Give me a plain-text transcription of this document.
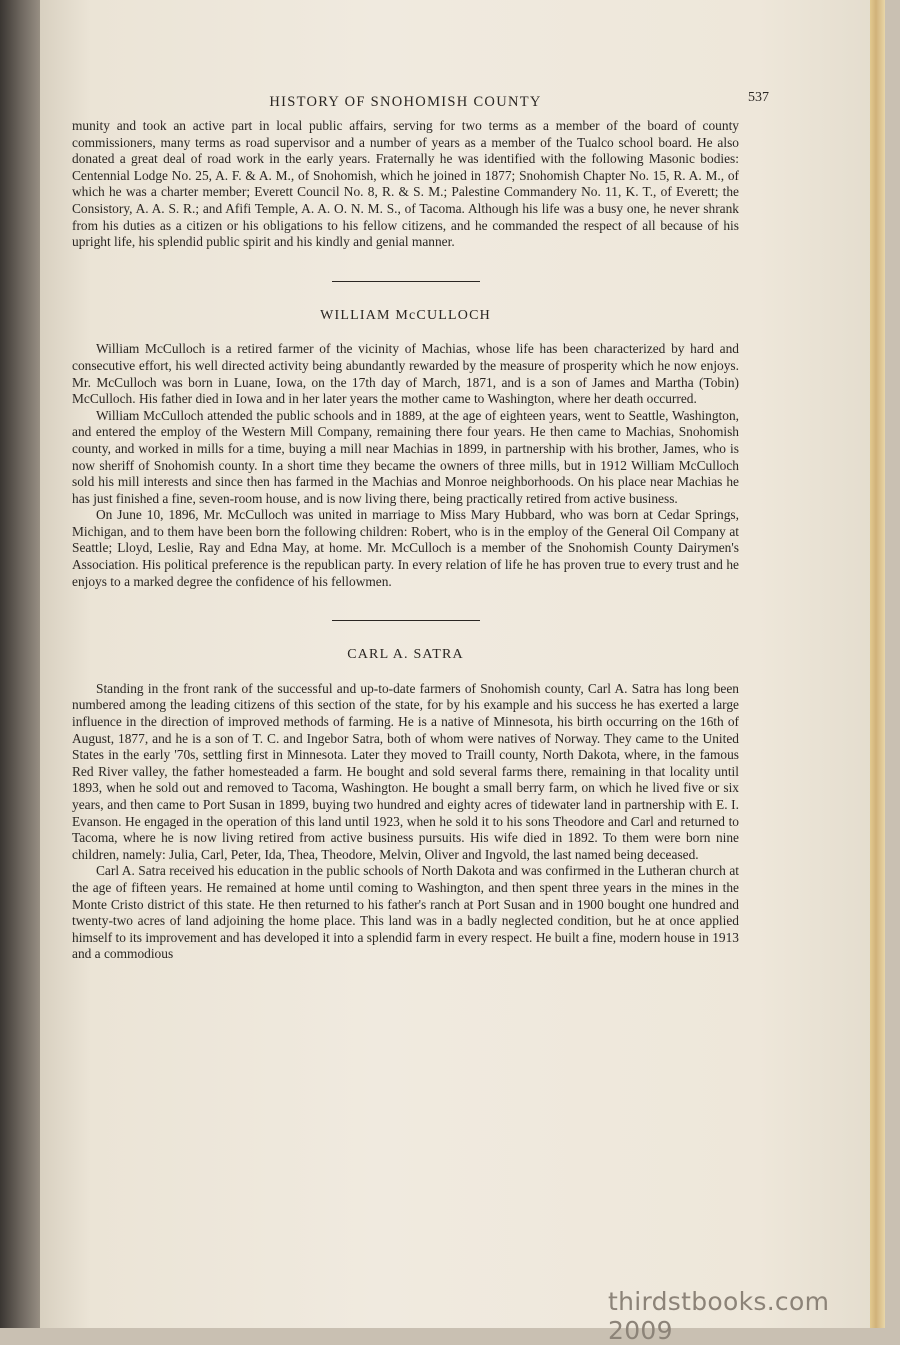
HISTORY OF SNOHOMISH COUNTY	537

munity and took an active part in local public affairs, serving for two terms as a member of the board of county commissioners, many terms as road supervisor and a number of years as a member of the Tualco school board. He also donated a great deal of road work in the early years. Fraternally he was identified with the following Masonic bodies: Centennial Lodge No. 25, A. F. & A. M., of Snohomish, which he joined in 1877; Snohomish Chapter No. 15, R. A. M., of which he was a charter member; Everett Council No. 8, R. & S. M.; Palestine Commandery No. 11, K. T., of Everett; the Consistory, A. A. S. R.; and Afifi Temple, A. A. O. N. M. S., of Tacoma. Although his life was a busy one, he never shrank from his duties as a citizen or his obligations to his fellow citizens, and he commanded the respect of all because of his upright life, his splendid public spirit and his kindly and genial manner.

WILLIAM McCULLOCH

William McCulloch is a retired farmer of the vicinity of Machias, whose life has been characterized by hard and consecutive effort, his well directed activity being abundantly rewarded by the measure of prosperity which he now enjoys. Mr. McCulloch was born in Luane, Iowa, on the 17th day of March, 1871, and is a son of James and Martha (Tobin) McCulloch. His father died in Iowa and in her later years the mother came to Washington, where her death occurred.

William McCulloch attended the public schools and in 1889, at the age of eighteen years, went to Seattle, Washington, and entered the employ of the Western Mill Company, remaining there four years. He then came to Machias, Snohomish county, and worked in mills for a time, buying a mill near Machias in 1899, in partnership with his brother, James, who is now sheriff of Snohomish county. In a short time they became the owners of three mills, but in 1912 William McCulloch sold his mill interests and since then has farmed in the Machias and Monroe neighborhoods. On his place near Machias he has just finished a fine, seven-room house, and is now living there, being practically retired from active business.

On June 10, 1896, Mr. McCulloch was united in marriage to Miss Mary Hubbard, who was born at Cedar Springs, Michigan, and to them have been born the following children: Robert, who is in the employ of the General Oil Company at Seattle; Lloyd, Leslie, Ray and Edna May, at home. Mr. McCulloch is a member of the Snohomish County Dairymen's Association. His political preference is the republican party. In every relation of life he has proven true to every trust and he enjoys to a marked degree the confidence of his fellowmen.

CARL A. SATRA

Standing in the front rank of the successful and up-to-date farmers of Snohomish county, Carl A. Satra has long been numbered among the leading citizens of this section of the state, for by his example and his success he has exerted a large influence in the direction of improved methods of farming. He is a native of Minnesota, his birth occurring on the 16th of August, 1877, and he is a son of T. C. and Ingebor Satra, both of whom were natives of Norway. They came to the United States in the early '70s, settling first in Minnesota. Later they moved to Traill county, North Dakota, where, in the famous Red River valley, the father homesteaded a farm. He bought and sold several farms there, remaining in that locality until 1893, when he sold out and removed to Tacoma, Washington. He bought a small berry farm, on which he lived five or six years, and then came to Port Susan in 1899, buying two hundred and eighty acres of tidewater land in partnership with E. I. Evanson. He engaged in the operation of this land until 1923, when he sold it to his sons Theodore and Carl and returned to Tacoma, where he is now living retired from active business pursuits. His wife died in 1892. To them were born nine children, namely: Julia, Carl, Peter, Ida, Thea, Theodore, Melvin, Oliver and Ingvold, the last named being deceased.

Carl A. Satra received his education in the public schools of North Dakota and was confirmed in the Lutheran church at the age of fifteen years. He remained at home until coming to Washington, and then spent three years in the mines in the Monte Cristo district of this state. He then returned to his father's ranch at Port Susan and in 1900 bought one hundred and twenty-two acres of land adjoining the home place. This land was in a badly neglected condition, but he at once applied himself to its improvement and has developed it into a splendid farm in every respect. He built a fine, modern house in 1913 and a commodious

thirdstbooks.com 2009
